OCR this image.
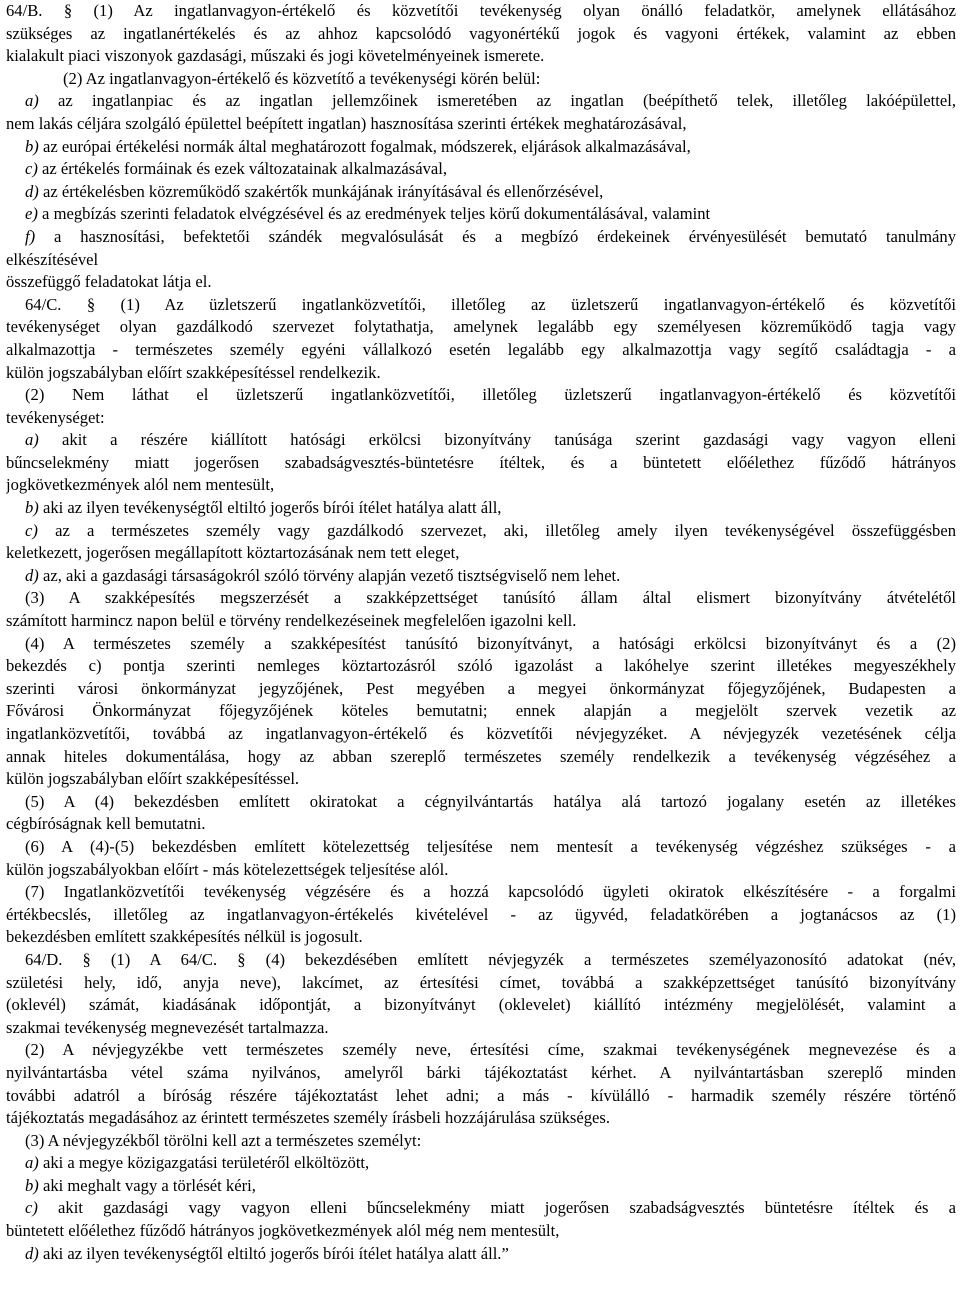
64/B. § (1) Az ingatlanvagyon-értékelő és közvetítői tevékenység olyan önálló feladatkör, amelynek ellátásához
szükséges az ingatlanértékelés és az ahhoz kapcsolódó vagyonértékű jogok és vagyoni értékek, valamint az ebben
kialakult piaci viszonyok gazdasági, műszaki és jogi követelményeinek ismerete.
(2) Az ingatlanvagyon-értékelő és közvetítő a tevékenységi körén belül:
a) az ingatlanpiac és az ingatlan jellemzőinek ismeretében az ingatlan (beépíthető telek, illetőleg lakóépülettel,
nem lakás céljára szolgáló épülettel beépített ingatlan) hasznosítása szerinti értékek meghatározásával,
b) az európai értékelési normák által meghatározott fogalmak, módszerek, eljárások alkalmazásával,
c) az értékelés formáinak és ezek változatainak alkalmazásával,
d) az értékelésben közreműködő szakértők munkájának irányításával és ellenőrzésével,
e) a megbízás szerinti feladatok elvégzésével és az eredmények teljes körű dokumentálásával, valamint
f) a hasznosítási, befektetői szándék megvalósulását és a megbízó érdekeinek érvényesülését bemutató tanulmány
elkészítésével
összefüggő feladatokat látja el.
64/C. § (1) Az üzletszerű ingatlanközvetítői, illetőleg az üzletszerű ingatlanvagyon-értékelő és közvetítői
tevékenységet olyan gazdálkodó szervezet folytathatja, amelynek legalább egy személyesen közreműködő tagja vagy
alkalmazottja - természetes személy egyéni vállalkozó esetén legalább egy alkalmazottja vagy segítő családtagja - a
külön jogszabályban előírt szakképesítéssel rendelkezik.
(2) Nem láthat el üzletszerű ingatlanközvetítői, illetőleg üzletszerű ingatlanvagyon-értékelő és közvetítői
tevékenységet:
a) akit a részére kiállított hatósági erkölcsi bizonyítvány tanúsága szerint gazdasági vagy vagyon elleni
bűncselekmény miatt jogerősen szabadságvesztés-büntetésre ítéltek, és a büntetett előélethez fűződő hátrányos
jogkövetkezmények alól nem mentesült,
b) aki az ilyen tevékenységtől eltiltó jogerős bírói ítélet hatálya alatt áll,
c) az a természetes személy vagy gazdálkodó szervezet, aki, illetőleg amely ilyen tevékenységével összefüggésben
keletkezett, jogerősen megállapított köztartozásának nem tett eleget,
d) az, aki a gazdasági társaságokról szóló törvény alapján vezető tisztségviselő nem lehet.
(3) A szakképesítés megszerzését a szakképzettséget tanúsító állam által elismert bizonyítvány átvételétől
számított harmincz napon belül e törvény rendelkezéseinek megfelelően igazolni kell.
(4) A természetes személy a szakképesítést tanúsító bizonyítványt, a hatósági erkölcsi bizonyítványt és a (2)
bekezdés c) pontja szerinti nemleges köztartozásról szóló igazolást a lakóhelye szerint illetékes megyeszékhely
szerinti városi önkormányzat jegyzőjének, Pest megyében a megyei önkormányzat főjegyzőjének, Budapesten a
Fővárosi Önkormányzat főjegyzőjének köteles bemutatni; ennek alapján a megjelölt szervek vezetik az
ingatlanközvetítői, továbbá az ingatlanvagyon-értékelő és közvetítői névjegyzéket. A névjegyzék vezetésének célja
annak hiteles dokumentálása, hogy az abban szereplő természetes személy rendelkezik a tevékenység végzéséhez a
külön jogszabályban előírt szakképesítéssel.
(5) A (4) bekezdésben említett okiratokat a cégnyilvántartás hatálya alá tartozó jogalany esetén az illetékes
cégbíróságnak kell bemutatni.
(6) A (4)-(5) bekezdésben említett kötelezettség teljesítése nem mentesít a tevékenység végzéshez szükséges - a
külön jogszabályokban előírt - más kötelezettségek teljesítése alól.
(7) Ingatlanközvetítői tevékenység végzésére és a hozzá kapcsolódó ügyleti okiratok elkészítésére - a forgalmi
értékbecslés, illetőleg az ingatlanvagyon-értékelés kivételével - az ügyvéd, feladatkörében a jogtanácsos az (1)
bekezdésben említett szakképesítés nélkül is jogosult.
64/D. § (1) A 64/C. § (4) bekezdésében említett névjegyzék a természetes személyazonosító adatokat (név,
születési hely, idő, anyja neve), lakcímet, az értesítési címet, továbbá a szakképzettséget tanúsító bizonyítvány
(oklevél) számát, kiadásának időpontját, a bizonyítványt (oklevelet) kiállító intézmény megjelölését, valamint a
szakmai tevékenység megnevezését tartalmazza.
(2) A névjegyzékbe vett természetes személy neve, értesítési címe, szakmai tevékenységének megnevezése és a
nyilvántartásba vétel száma nyilvános, amelyről bárki tájékoztatást kérhet. A nyilvántartásban szereplő minden
további adatról a bíróság részére tájékoztatást lehet adni; a más - kívülálló - harmadik személy részére történő
tájékoztatás megadásához az érintett természetes személy írásbeli hozzájárulása szükséges.
(3) A névjegyzékből törölni kell azt a természetes személyt:
a) aki a megye közigazgatási területéről elköltözött,
b) aki meghalt vagy a törlését kéri,
c) akit gazdasági vagy vagyon elleni bűncselekmény miatt jogerősen szabadságvesztés büntetésre ítéltek és a
büntetett előélethez fűződő hátrányos jogkövetkezmények alól még nem mentesült,
d) aki az ilyen tevékenységtől eltiltó jogerős bírói ítélet hatálya alatt áll.”
